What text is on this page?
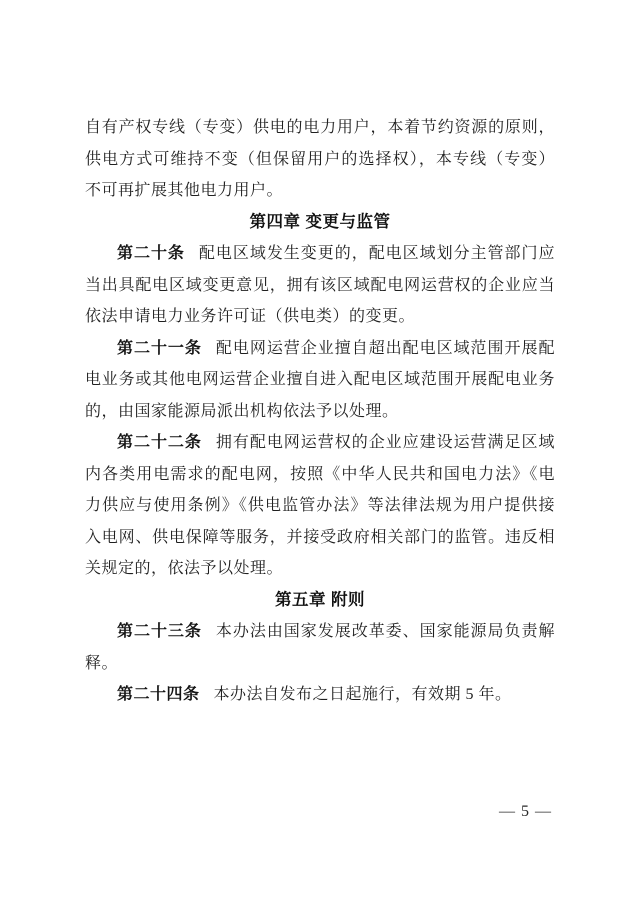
自有产权专线（专变）供电的电力用户，本着节约资源的原则，供电方式可维持不变（但保留用户的选择权），本专线（专变）不可再扩展其他电力用户。

第四章 变更与监管

第二十条 配电区域发生变更的，配电区域划分主管部门应当出具配电区域变更意见，拥有该区域配电网运营权的企业应当依法申请电力业务许可证（供电类）的变更。

第二十一条 配电网运营企业擅自超出配电区域范围开展配电业务或其他电网运营企业擅自进入配电区域范围开展配电业务的，由国家能源局派出机构依法予以处理。

第二十二条 拥有配电网运营权的企业应建设运营满足区域内各类用电需求的配电网，按照《中华人民共和国电力法》《电力供应与使用条例》《供电监管办法》等法律法规为用户提供接入电网、供电保障等服务，并接受政府相关部门的监管。违反相关规定的，依法予以处理。

第五章 附则

第二十三条 本办法由国家发展改革委、国家能源局负责解释。

第二十四条 本办法自发布之日起施行，有效期 5 年。

— 5 —
